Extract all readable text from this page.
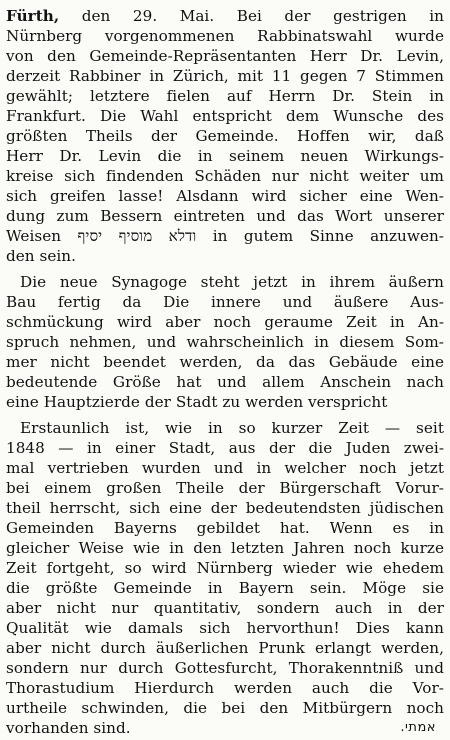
Fürth, den 29. Mai. Bei der gestrigen in
Nürnberg vorgenommenen Rabbinatswahl wurde
von den Gemeinde-Repräsentanten Herr Dr. Levin,
derzeit Rabbiner in Zürich, mit 11 gegen 7 Stimmen
gewählt; letztere fielen auf Herrn Dr. Stein in
Frankfurt. Die Wahl entspricht dem Wunsche des
größten Theils der Gemeinde. Hoffen wir, daß
Herr Dr. Levin die in seinem neuen Wirkungs-
kreise sich findenden Schäden nur nicht weiter um
sich greifen lasse! Alsdann wird sicher eine Wen-
dung zum Bessern eintreten und das Wort unserer
Weisen ודלא מוסיף יסיף in gutem Sinne anzuwen-
den sein.
Die neue Synagoge steht jetzt in ihrem äußern
Bau fertig da Die innere und äußere Aus-
schmückung wird aber noch geraume Zeit in An-
spruch nehmen, und wahrscheinlich in diesem Som-
mer nicht beendet werden, da das Gebäude eine
bedeutende Größe hat und allem Anschein nach
eine Hauptzierde der Stadt zu werden verspricht
Erstaunlich ist, wie in so kurzer Zeit — seit
1848 — in einer Stadt, aus der die Juden zwei-
mal vertrieben wurden und in welcher noch jetzt
bei einem großen Theile der Bürgerschaft Vorur-
theil herrscht, sich eine der bedeutendsten jüdischen
Gemeinden Bayerns gebildet hat. Wenn es in
gleicher Weise wie in den letzten Jahren noch kurze
Zeit fortgeht, so wird Nürnberg wieder wie ehedem
die größte Gemeinde in Bayern sein. Möge sie
aber nicht nur quantitativ, sondern auch in der
Qualität wie damals sich hervorthun! Dies kann
aber nicht durch äußerlichen Prunk erlangt werden,
sondern nur durch Gottesfurcht, Thorakenntniß und
Thorastudium Hierdurch werden auch die Vor-
urtheile schwinden, die bei den Mitbürgern noch
vorhanden sind.	אמתי.
